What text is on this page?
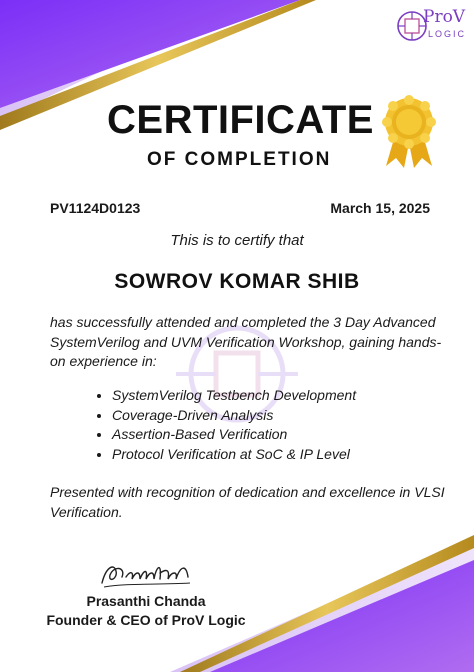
ProV
LOGIC
CERTIFICATE
OF COMPLETION
PV1124D0123	March 15, 2025
This is to certify that
SOWROV KOMAR SHIB
has successfully attended and completed the 3 Day Advanced SystemVerilog and UVM Verification Workshop, gaining hands-on experience in:
• SystemVerilog Testbench Development
• Coverage-Driven Analysis
• Assertion-Based Verification
• Protocol Verification at SoC & IP Level
Presented with recognition of dedication and excellence in VLSI Verification.
Prasanthi Chanda
Founder & CEO of ProV Logic
